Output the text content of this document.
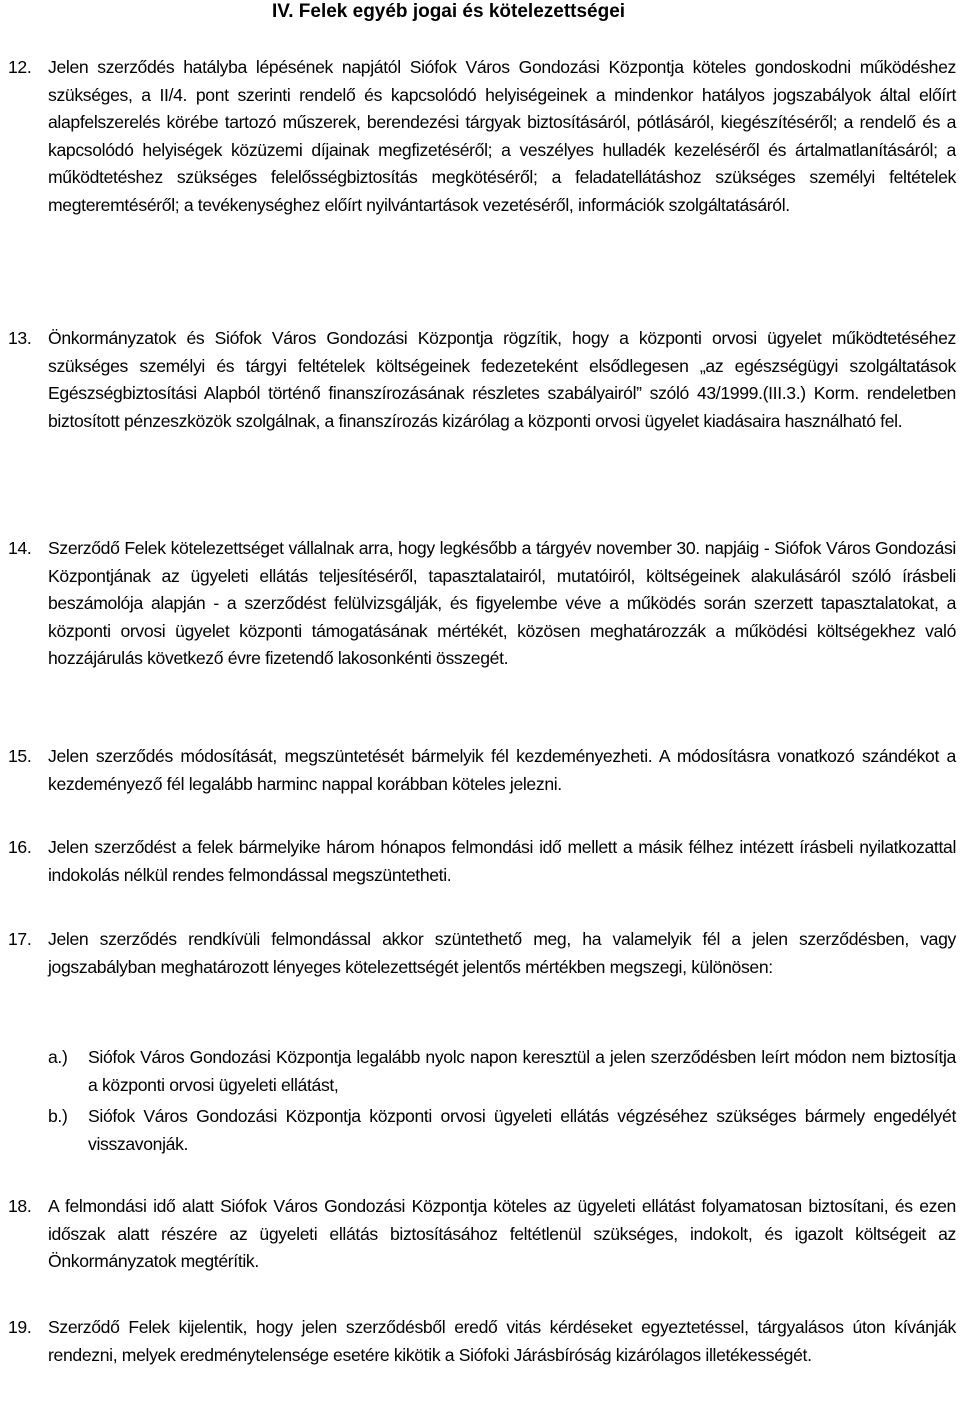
IV. Felek egyéb jogai és kötelezettségei
12. Jelen szerződés hatályba lépésének napjától Siófok Város Gondozási Központja köteles gondoskodni működéshez szükséges, a II/4. pont szerinti rendelő és kapcsolódó helyiségeinek a mindenkor hatályos jogszabályok által előírt alapfelszerelés körébe tartozó műszerek, berendezési tárgyak biztosításáról, pótlásáról, kiegészítéséről; a rendelő és a kapcsolódó helyiségek közüzemi díjainak megfizetéséről; a veszélyes hulladék kezeléséről és ártalmatlanításáról; a működtetéshez szükséges felelősségbiztosítás megkötéséről; a feladatellátáshoz szükséges személyi feltételek megteremtéséről; a tevékenységhez előírt nyilvántartások vezetéséről, információk szolgáltatásáról.
13. Önkormányzatok és Siófok Város Gondozási Központja rögzítik, hogy a központi orvosi ügyelet működtetéséhez szükséges személyi és tárgyi feltételek költségeinek fedezeteként elsődlegesen „az egészségügyi szolgáltatások Egészségbiztosítási Alapból történő finanszírozásának részletes szabályairól” szóló 43/1999.(III.3.) Korm. rendeletben biztosított pénzeszközök szolgálnak, a finanszírozás kizárólag a központi orvosi ügyelet kiadásaira használható fel.
14. Szerződő Felek kötelezettséget vállalnak arra, hogy legkésőbb a tárgyév november 30. napjáig - Siófok Város Gondozási Központjának az ügyeleti ellátás teljesítéséről, tapasztalatairól, mutatóiról, költségeinek alakulásáról szóló írásbeli beszámolója alapján - a szerződést felülvizsgálják, és figyelembe véve a működés során szerzett tapasztalatokat, a központi orvosi ügyelet központi támogatásának mértékét, közösen meghatározzák a működési költségekhez való hozzájárulás következő évre fizetendő lakosonkénti összegét.
15. Jelen szerződés módosítását, megszüntetését bármelyik fél kezdeményezheti. A módosításra vonatkozó szándékot a kezdeményező fél legalább harminc nappal korábban köteles jelezni.
16. Jelen szerződést a felek bármelyike három hónapos felmondási idő mellett a másik félhez intézett írásbeli nyilatkozattal indokolás nélkül rendes felmondással megszüntetheti.
17. Jelen szerződés rendkívüli felmondással akkor szüntethető meg, ha valamelyik fél a jelen szerződésben, vagy jogszabályban meghatározott lényeges kötelezettségét jelentős mértékben megszegi, különösen:
a.) Siófok Város Gondozási Központja legalább nyolc napon keresztül a jelen szerződésben leírt módon nem biztosítja a központi orvosi ügyeleti ellátást,
b.) Siófok Város Gondozási Központja központi orvosi ügyeleti ellátás végzéséhez szükséges bármely engedélyét visszavonják.
18. A felmondási idő alatt Siófok Város Gondozási Központja köteles az ügyeleti ellátást folyamatosan biztosítani, és ezen időszak alatt részére az ügyeleti ellátás biztosításához feltétlenül szükséges, indokolt, és igazolt költségeit az Önkormányzatok megtérítik.
19. Szerződő Felek kijelentik, hogy jelen szerződésből eredő vitás kérdéseket egyeztetéssel, tárgyalásos úton kívánják rendezni, melyek eredménytelensége esetére kikötik a Siófoki Járásbíróság kizárólagos illetékességét.
